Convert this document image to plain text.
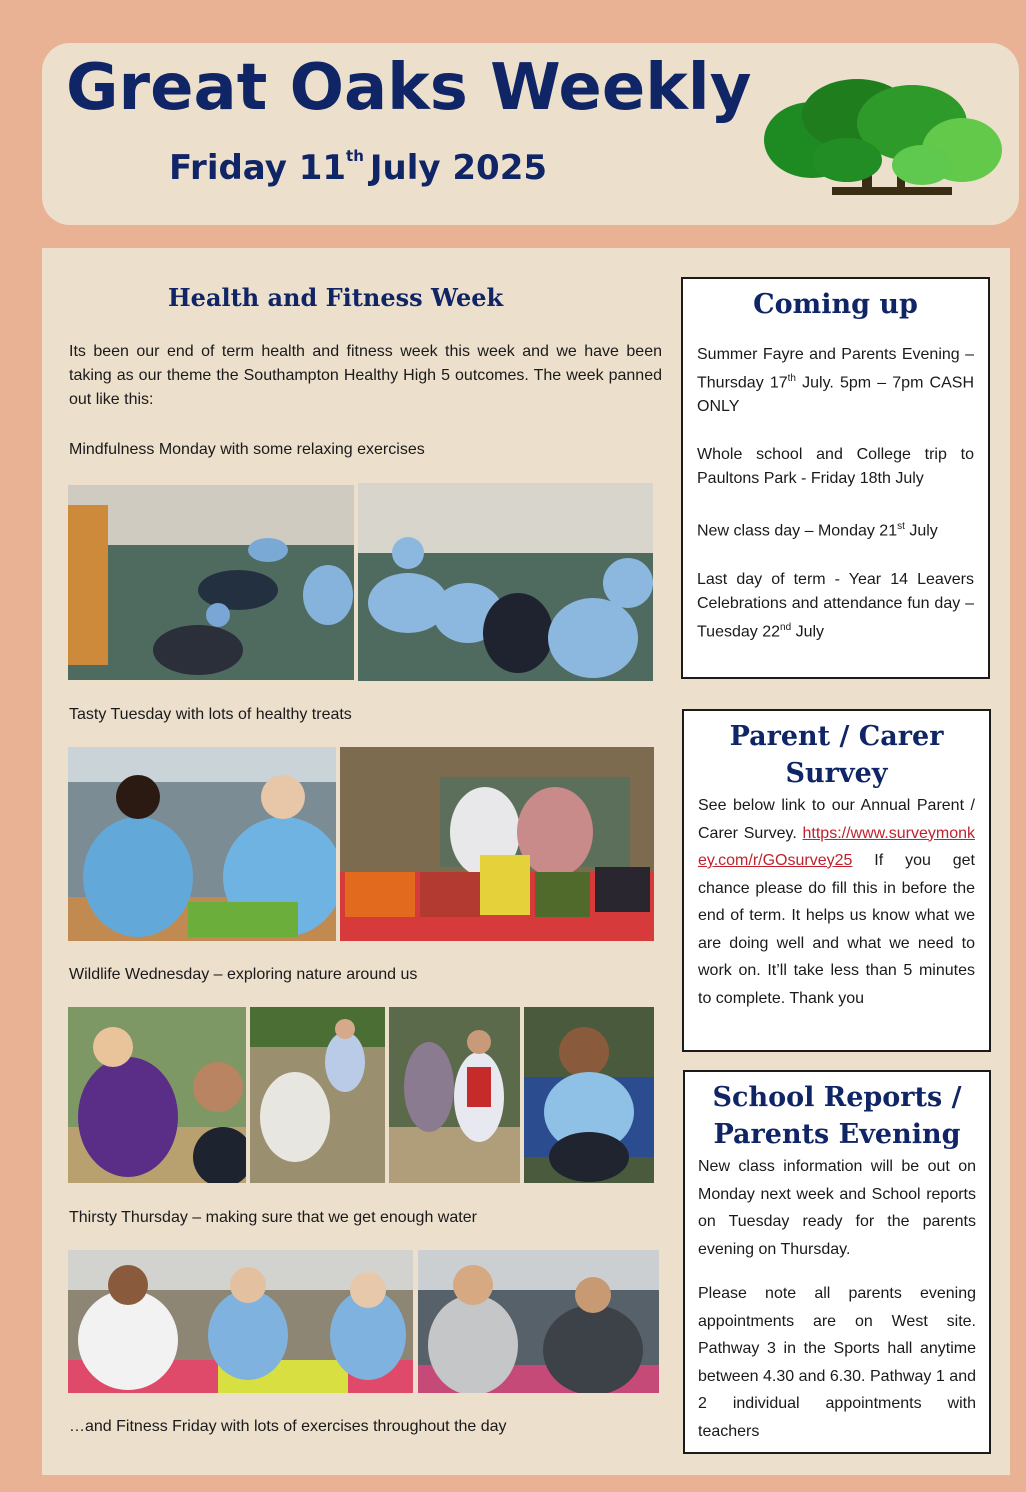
Great Oaks Weekly
Friday 11th July 2025
Health and Fitness Week
Its been our end of term health and fitness week this week and we have been taking as our theme the Southampton Healthy High 5 outcomes. The week panned out like this:
Mindfulness Monday with some relaxing exercises
Tasty Tuesday with lots of healthy treats
Wildlife Wednesday – exploring nature around us
Thirsty Thursday – making sure that we get enough water
…and Fitness Friday with lots of exercises throughout the day
Coming up

Summer Fayre and Parents Evening – Thursday 17th July. 5pm – 7pm CASH ONLY

Whole school and College trip to Paultons Park - Friday 18th July

New class day – Monday 21st July

Last day of term - Year 14 Leavers Celebrations and attendance fun day – Tuesday 22nd July

Parent / Carer
Survey
See below link to our Annual Parent / Carer Survey. https://www.surveymonkey.com/r/GOsurvey25 If you get chance please do fill this in before the end of term. It helps us know what we are doing well and what we need to work on. It’ll take less than 5 minutes to complete. Thank you
School Reports /
Parents Evening

New class information will be out on Monday next week and School reports on Tuesday ready for the parents evening on Thursday.

Please note all parents evening appointments are on West site. Pathway 3 in the Sports hall anytime between 4.30 and 6.30. Pathway 1 and 2 individual appointments with teachers
